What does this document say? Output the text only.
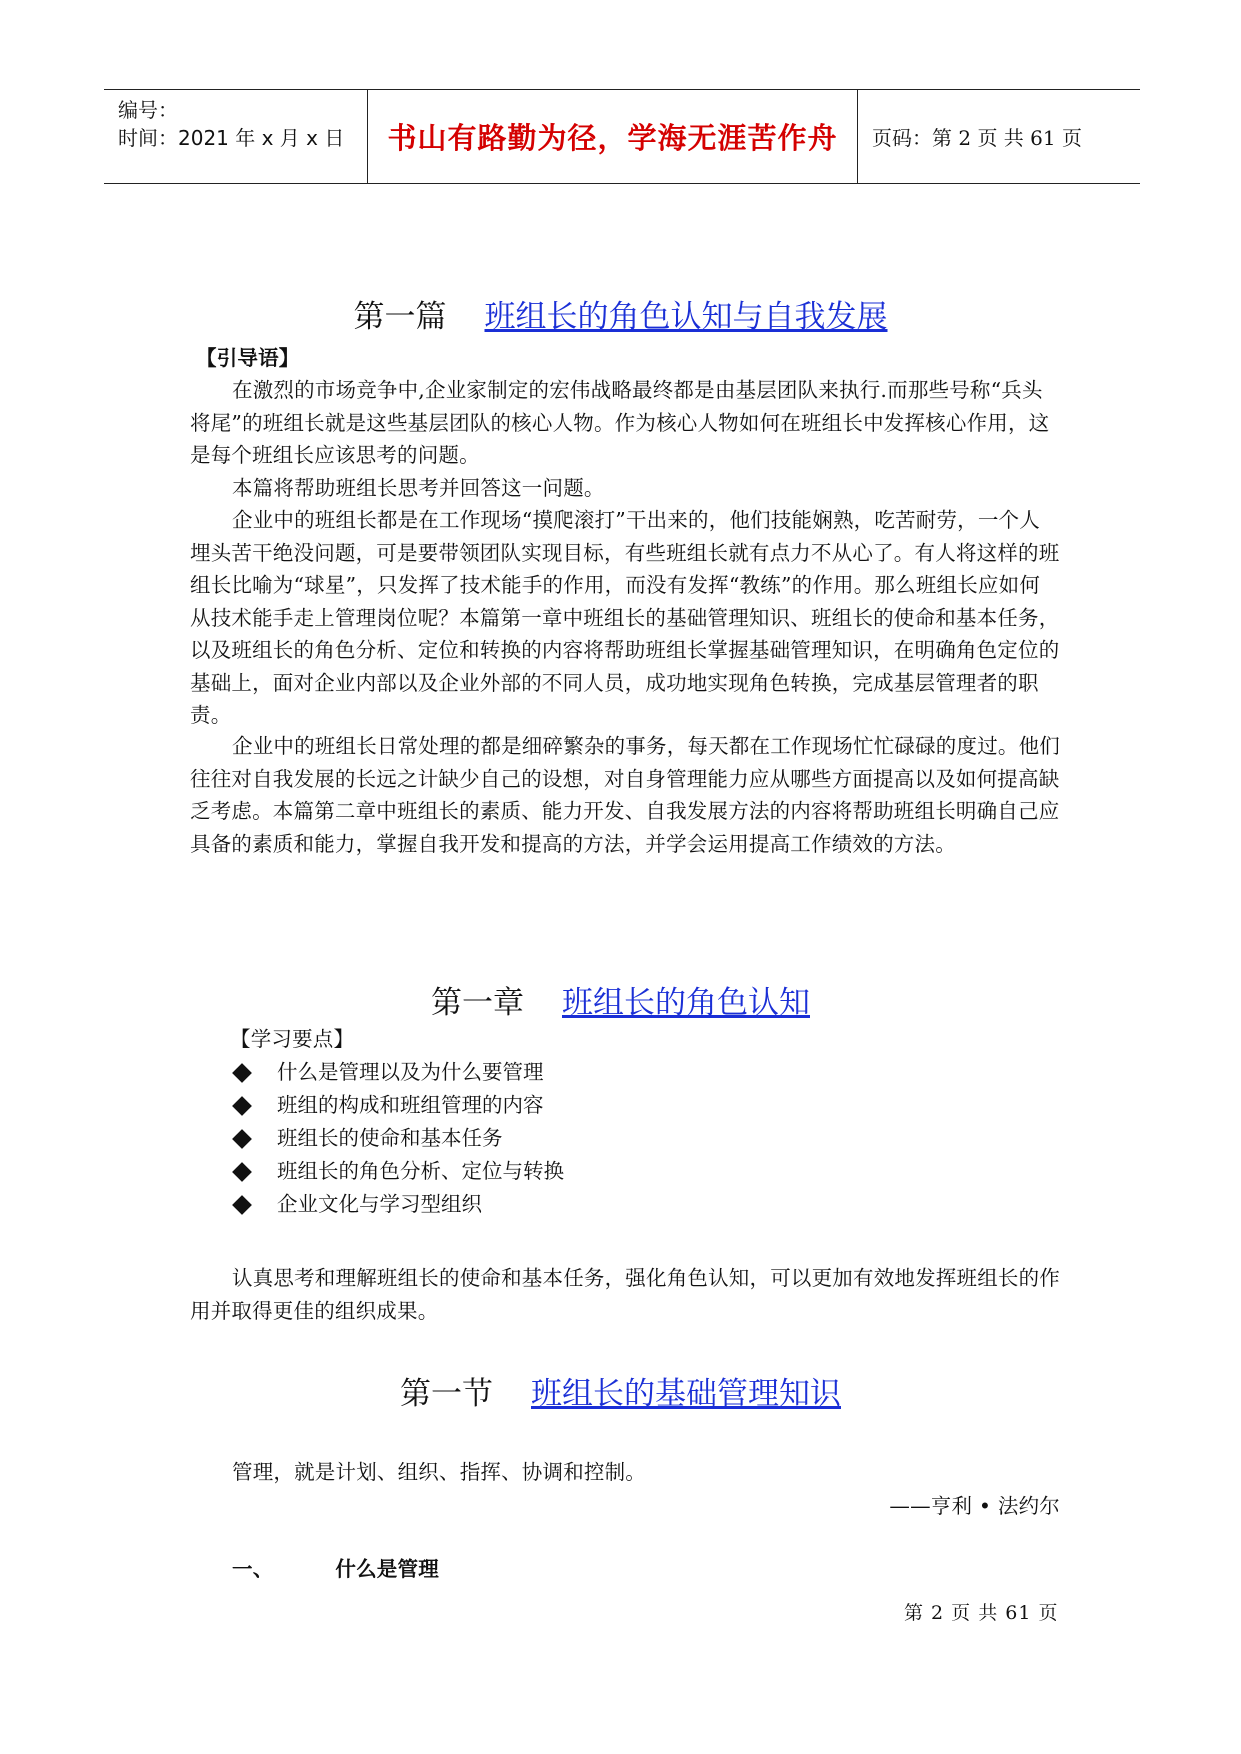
编号：
时间：2021 年 x 月 x 日 书山有路勤为径，学海无涯苦作舟 页码：第 2 页 共 61 页
第一篇 班组长的角色认知与自我发展
【引导语】
在激烈的市场竞争中,企业家制定的宏伟战略最终都是由基层团队来执行.而那些号称“兵头将尾”的班组长就是这些基层团队的核心人物。作为核心人物如何在班组长中发挥核心作用，这是每个班组长应该思考的问题。
本篇将帮助班组长思考并回答这一问题。
企业中的班组长都是在工作现场“摸爬滚打”干出来的，他们技能娴熟，吃苦耐劳，一个人埋头苦干绝没问题，可是要带领团队实现目标，有些班组长就有点力不从心了。有人将这样的班组长比喻为“球星”，只发挥了技术能手的作用，而没有发挥“教练”的作用。那么班组长应如何从技术能手走上管理岗位呢？本篇第一章中班组长的基础管理知识、班组长的使命和基本任务，以及班组长的角色分析、定位和转换的内容将帮助班组长掌握基础管理知识，在明确角色定位的基础上，面对企业内部以及企业外部的不同人员，成功地实现角色转换，完成基层管理者的职责。
企业中的班组长日常处理的都是细碎繁杂的事务，每天都在工作现场忙忙碌碌的度过。他们往往对自我发展的长远之计缺少自己的设想，对自身管理能力应从哪些方面提高以及如何提高缺乏考虑。本篇第二章中班组长的素质、能力开发、自我发展方法的内容将帮助班组长明确自己应具备的素质和能力，掌握自我开发和提高的方法，并学会运用提高工作绩效的方法。
第一章 班组长的角色认知
【学习要点】
什么是管理以及为什么要管理
班组的构成和班组管理的内容
班组长的使命和基本任务
班组长的角色分析、定位与转换
企业文化与学习型组织
认真思考和理解班组长的使命和基本任务，强化角色认知，可以更加有效地发挥班组长的作用并取得更佳的组织成果。
第一节 班组长的基础管理知识
管理，就是计划、组织、指挥、协调和控制。
——亨利 • 法约尔
一、	什么是管理
第 2 页 共 61 页
